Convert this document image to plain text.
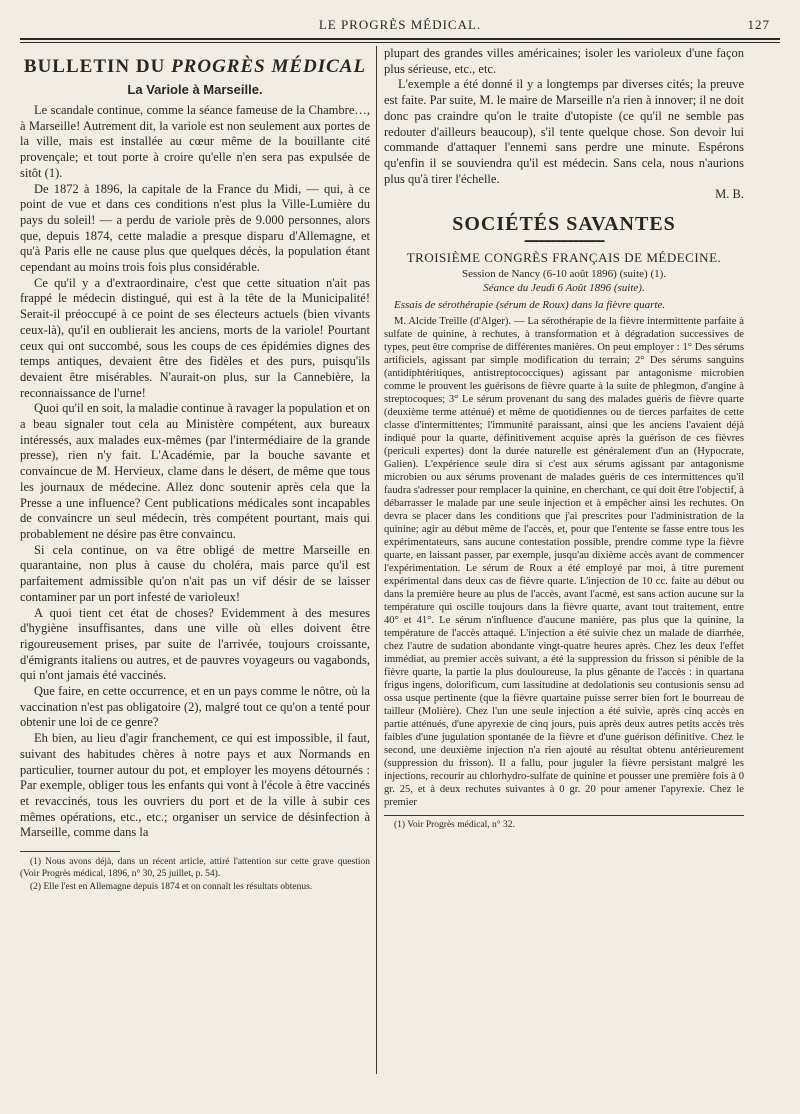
LE PROGRÈS MÉDICAL.	127
BULLETIN DU PROGRÈS MÉDICAL
La Variole à Marseille.

Le scandale continue, comme la séance fameuse de la Chambre…, à Marseille! Autrement dit, la variole est non seulement aux portes de la ville, mais est installée au cœur même de la bouillante cité provençale; et tout porte à croire qu'elle n'en sera pas expulsée de sitôt (1).

De 1872 à 1896, la capitale de la France du Midi, — qui, à ce point de vue et dans ces conditions n'est plus la Ville-Lumière du pays du soleil! — a perdu de variole près de 9.000 personnes, alors que, depuis 1874, cette maladie a presque disparu d'Allemagne, et qu'à Paris elle ne cause plus que quelques décès, la population étant cependant au moins trois fois plus considérable.

Ce qu'il y a d'extraordinaire, c'est que cette situation n'ait pas frappé le médecin distingué, qui est à la tête de la Municipalité! Serait-il préoccupé à ce point de ses électeurs actuels (bien vivants ceux-là), qu'il en oublierait les anciens, morts de la variole! Pourtant ceux qui ont succombé, sous les coups de ces épidémies dignes des temps antiques, devaient être des fidèles et des purs, puisqu'ils devaient être misérables. N'aurait-on plus, sur la Cannebière, la reconnaissance de l'urne!

Quoi qu'il en soit, la maladie continue à ravager la population et on a beau signaler tout cela au Ministère compétent, aux bureaux intéressés, aux malades eux-mêmes (par l'intermédiaire de la grande presse), rien n'y fait. L'Académie, par la bouche savante et convaincue de M. Hervieux, clame dans le désert, de même que tous les journaux de médecine. Allez donc soutenir après cela que la Presse a une influence? Cent publications médicales sont incapables de convaincre un seul médecin, très compétent pourtant, mais qui probablement ne désire pas être convaincu.

Si cela continue, on va être obligé de mettre Marseille en quarantaine, non plus à cause du choléra, mais parce qu'il est parfaitement admissible qu'on n'ait pas un vif désir de se laisser contaminer par un port infesté de varioleux!

A quoi tient cet état de choses? Evidemment à des mesures d'hygiène insuffisantes, dans une ville où elles doivent être rigoureusement prises, par suite de l'arrivée, toujours croissante, d'émigrants italiens ou autres, et de pauvres voyageurs ou vagabonds, qui n'ont jamais été vaccinés.

Que faire, en cette occurrence, et en un pays comme le nôtre, où la vaccination n'est pas obligatoire (2), malgré tout ce qu'on a tenté pour obtenir une loi de ce genre?

Eh bien, au lieu d'agir franchement, ce qui est impossible, il faut, suivant des habitudes chères à notre pays et aux Normands en particulier, tourner autour du pot, et employer les moyens détournés : Par exemple, obliger tous les enfants qui vont à l'école à être vaccinés et revaccinés, tous les ouvriers du port et de la ville à subir ces mêmes opérations, etc., etc.; organiser un service de désinfection à Marseille, comme dans la

(1) Nous avons déjà, dans un récent article, attiré l'attention sur cette grave question (Voir Progrès médical, 1896, n° 30, 25 juillet, p. 54).

(2) Elle l'est en Allemagne depuis 1874 et on connaît les résultats obtenus.

plupart des grandes villes américaines; isoler les varioleux d'une façon plus sérieuse, etc., etc.

L'exemple a été donné il y a longtemps par diverses cités; la preuve est faite. Par suite, M. le maire de Marseille n'a rien à innover; il ne doit donc pas craindre qu'on le traite d'utopiste (ce qu'il ne semble pas redouter d'ailleurs beaucoup), s'il tente quelque chose. Son devoir lui commande d'attaquer l'ennemi sans perdre une minute. Espérons qu'enfin il se souviendra qu'il est médecin. Sans cela, nous n'aurions plus qu'à tirer l'échelle.

M. B.
SOCIÉTÉS SAVANTES
━━━━━━━━━━━━━━
TROISIÈME CONGRÈS FRANÇAIS DE MÉDECINE.
Session de Nancy (6-10 août 1896) (suite) (1).
Séance du Jeudi 6 Août 1896 (suite).

Essais de sérothérapie (sérum de Roux) dans la fièvre quarte.

M. Alcide Treille (d'Alger). — La sérothérapie de la fièvre intermittente parfaite à sulfate de quinine, à rechutes, à transformation et à dégradation successives de types, peut être comprise de différentes manières. On peut employer : 1° Des sérums artificiels, agissant par simple modification du terrain; 2° Des sérums sanguins (antidiphtéritiques, antistreptococciques) agissant par antagonisme microbien comme le prouvent les guérisons de fièvre quarte à la suite de phlegmon, d'angine à streptocoques; 3° Le sérum provenant du sang des malades guéris de fièvre quarte (deuxième terme atténué) et même de quotidiennes ou de tierces parfaites de cette classe d'intermittentes; l'immunité paraissant, ainsi que les anciens l'avaient déjà indiqué pour la quarte, définitivement acquise après la guérison de ces fièvres (periculi expertes) dont la durée naturelle est généralement d'un an (Hypocrate, Galien). L'expérience seule dira si c'est aux sérums agissant par antagonisme microbien ou aux sérums provenant de malades guéris de ces intermittences qu'il faudra s'adresser pour remplacer la quinine, en cherchant, ce qui doit être l'objectif, à débarrasser le malade par une seule injection et à empêcher ainsi les rechutes. On devra se placer dans les conditions que j'ai prescrites pour l'administration de la quinine; agir au début même de l'accès, et, pour que l'entente se fasse entre tous les expérimentateurs, sans aucune contestation possible, prendre comme type la fièvre quarte, en laissant passer, par exemple, jusqu'au dixième accès avant de commencer l'expérimentation. Le sérum de Roux a été employé par moi, à titre purement expérimental dans deux cas de fièvre quarte. L'injection de 10 cc. faite au début ou dans la première heure au plus de l'accès, avant l'acmé, est sans action aucune sur la température qui oscille toujours dans la fièvre quarte, avant tout traitement, entre 40° et 41°. Le sérum n'influence d'aucune manière, pas plus que la quinine, la température de l'accès attaqué. L'injection a été suivie chez un malade de diarrhée, chez l'autre de sudation abondante vingt-quatre heures après. Chez les deux l'effet immédiat, au premier accès suivant, a été la suppression du frisson si pénible de la fièvre quarte, la partie la plus douloureuse, la plus gênante de l'accès : in quartana frigus ingens, dolorificum, cum lassitudine at dedolationis seu contusionis sensu ad ossa usque pertinente (que la fièvre quartaine puisse serrer bien fort le bourreau de tailleur (Molière). Chez l'un une seule injection a été suivie, après cinq accès en partie atténués, d'une apyrexie de cinq jours, puis après deux autres petits accès très faibles d'une jugulation spontanée de la fièvre et d'une guérison définitive. Chez le second, une deuxième injection n'a rien ajouté au résultat obtenu antérieurement (suppression du frisson). Il a fallu, pour juguler la fièvre persistant malgré les injections, recourir au chlorhydro-sulfate de quinine et pousser une première fois à 0 gr. 25, et à deux rechutes suivantes à 0 gr. 20 pour amener l'apyrexie. Chez le premier

(1) Voir Progrès médical, n° 32.
